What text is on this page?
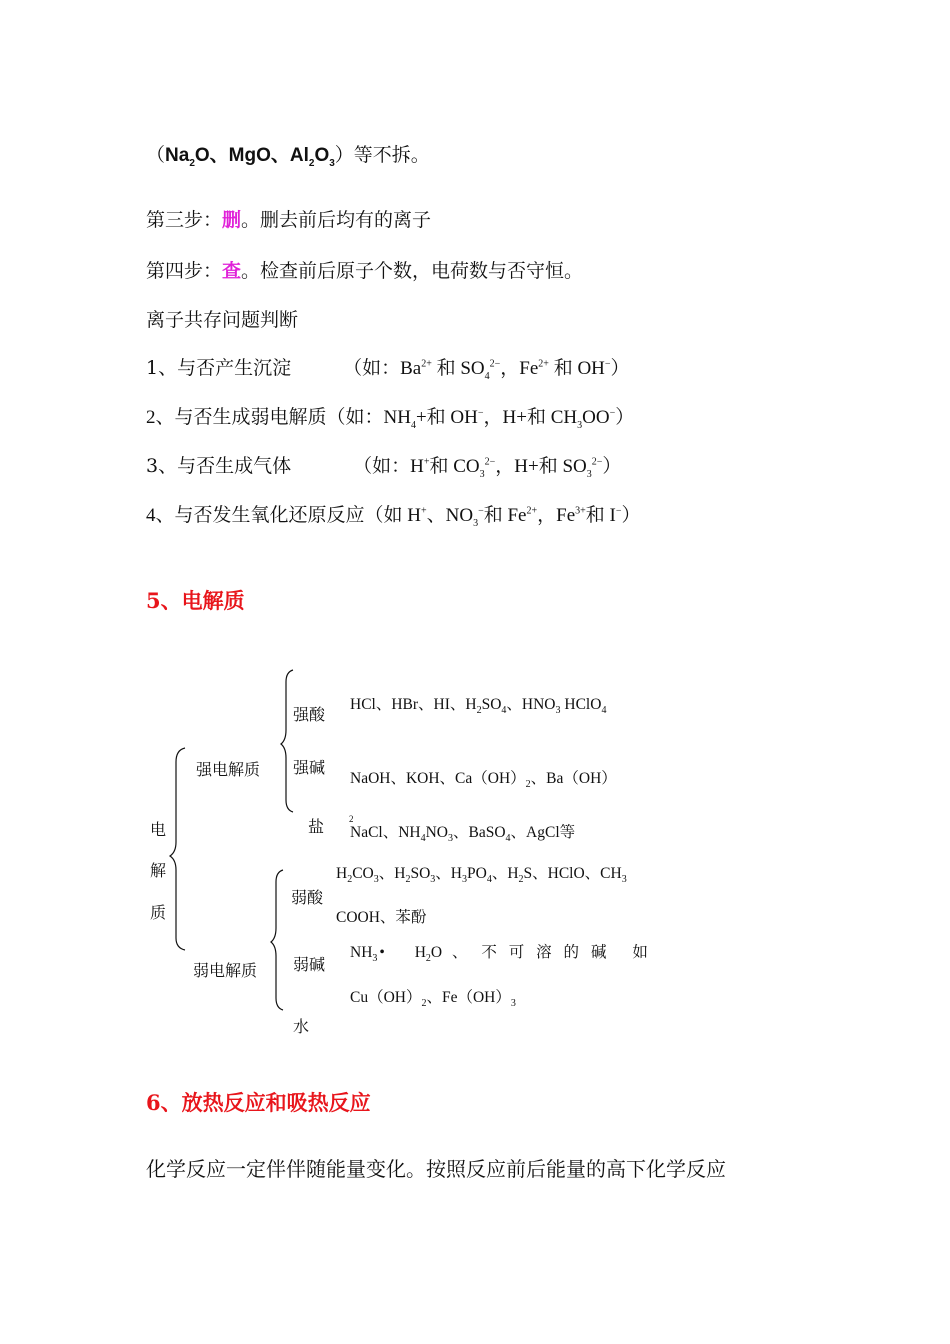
（$Na_2O$、MgO、$Al_2O_3$）等不拆。
第三步：删。删去前后均有的离子
第四步：查。检查前后原子个数，电荷数与否守恒。
离子共存问题判断
1、与否产生沉淀	（如：$Ba^{2+}$ 和 $SO_4^{2-}$，$Fe^{2+}$ 和 OH−）
2、与否生成弱电解质（如：$NH_4+$和 OH−，H+和 $CH_3OO^-$）
3、与否生成气体	（如：H+和 $CO_3^{2-}$，H+和 $SO_3^{2-}$）
4、与否发生氧化还原反应（如 H+、$NO_3^-$和 $Fe^{2+}$，$Fe^{3+}$和 I−）
5、电解质
电
解
质
强电解质
弱电解质
强酸
强碱
盐
弱酸
弱碱
水
HCl、HBr、HI、$H_2SO_4$、$HNO_3$ HClO$_4$
NaOH、KOH、$Ca(OH)_2$、Ba（OH）
2
NaCl、$NH_4NO_3$、BaSO$_4$、AgCl等
$H_2CO_3$、$H_2SO_3$、$H_3PO_4$、$H_2S$、HClO、$CH_3$
COOH、苯酚
$NH_3$ • $H_2O$ 、 不 可 溶 的 碱 如
$Cu(OH)_2$、$Fe(OH)_3$
6、放热反应和吸热反应
化学反应一定伴伴随能量变化。按照反应前后能量的高下化学反应
